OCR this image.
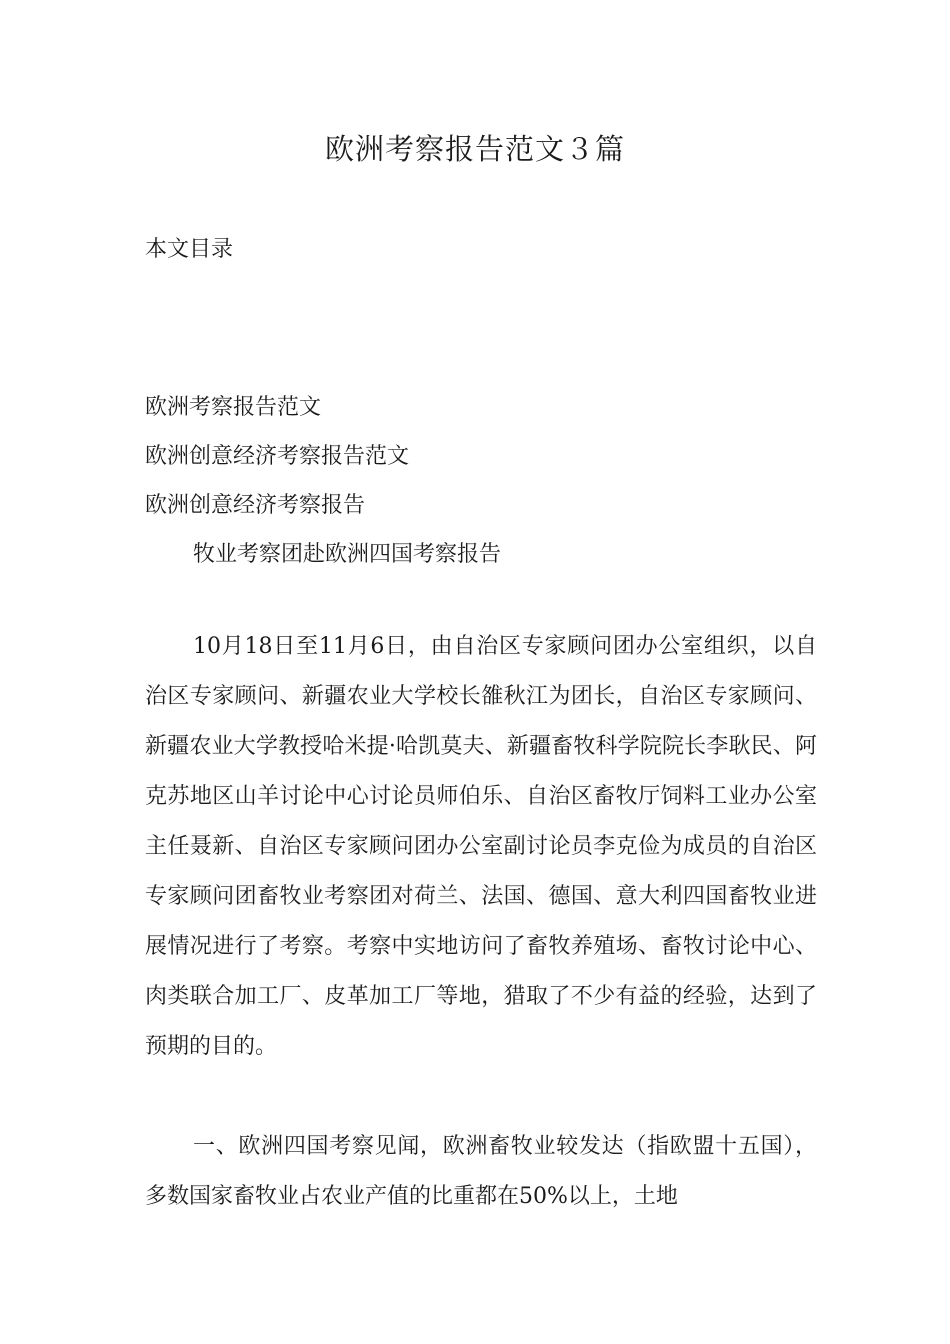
欧洲考察报告范文３篇
本文目录
欧洲考察报告范文
欧洲创意经济考察报告范文
欧洲创意经济考察报告
牧业考察团赴欧洲四国考察报告

10月18日至11月6日，由自治区专家顾问团办公室组织，以自治区专家顾问、新疆农业大学校长雒秋江为团长，自治区专家顾问、新疆农业大学教授哈米提·哈凯莫夫、新疆畜牧科学院院长李耿民、阿克苏地区山羊讨论中心讨论员师伯乐、自治区畜牧厅饲料工业办公室主任聂新、自治区专家顾问团办公室副讨论员李克俭为成员的自治区专家顾问团畜牧业考察团对荷兰、法国、德国、意大利四国畜牧业进展情况进行了考察。考察中实地访问了畜牧养殖场、畜牧讨论中心、肉类联合加工厂、皮革加工厂等地，猎取了不少有益的经验，达到了预期的目的。

一、欧洲四国考察见闻，欧洲畜牧业较发达（指欧盟十五国），多数国家畜牧业占农业产值的比重都在50%以上，土地
